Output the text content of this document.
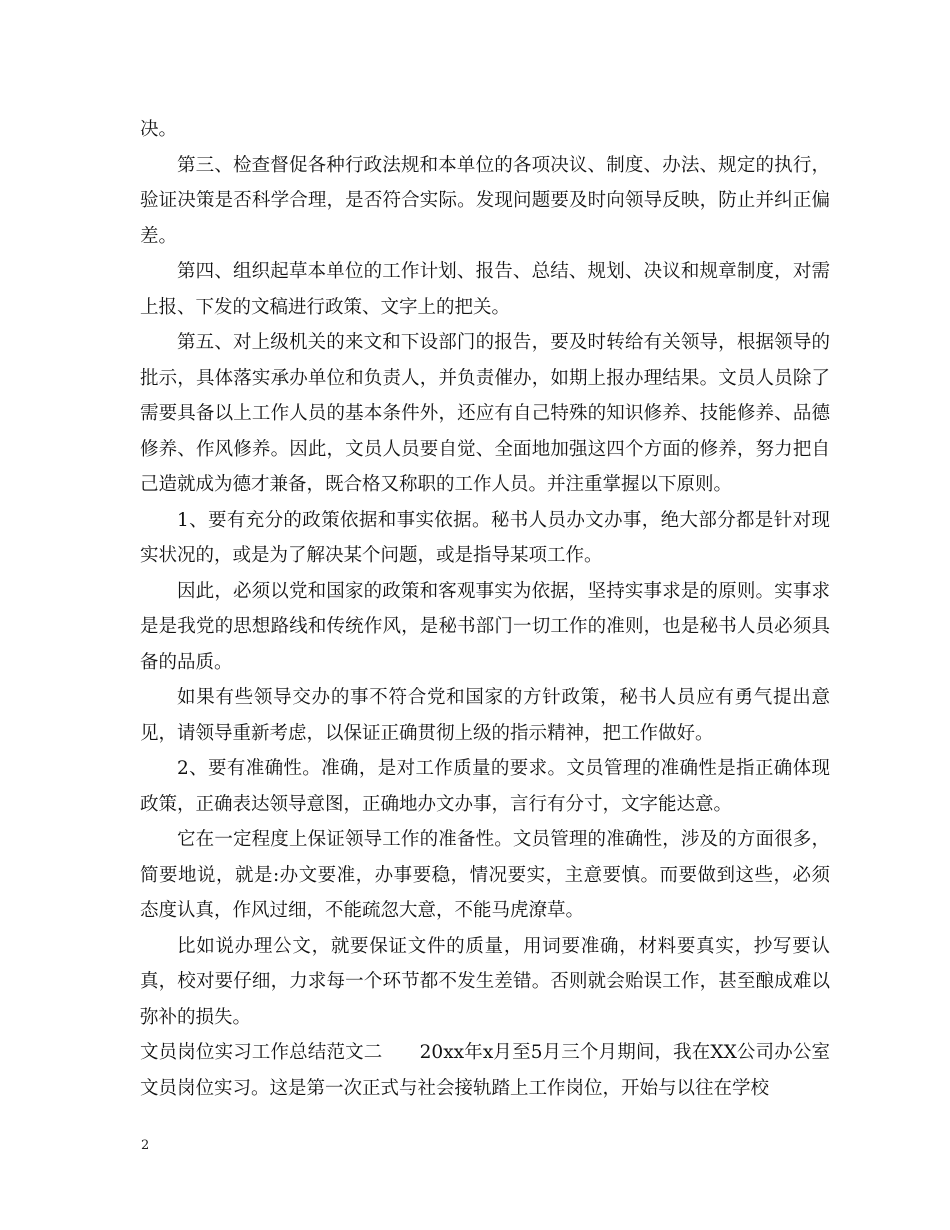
决。

第三、检查督促各种行政法规和本单位的各项决议、制度、办法、规定的执行，验证决策是否科学合理，是否符合实际。发现问题要及时向领导反映，防止并纠正偏差。

第四、组织起草本单位的工作计划、报告、总结、规划、决议和规章制度，对需上报、下发的文稿进行政策、文字上的把关。

第五、对上级机关的来文和下设部门的报告，要及时转给有关领导，根据领导的批示，具体落实承办单位和负责人，并负责催办，如期上报办理结果。文员人员除了需要具备以上工作人员的基本条件外，还应有自己特殊的知识修养、技能修养、品德修养、作风修养。因此，文员人员要自觉、全面地加强这四个方面的修养，努力把自己造就成为德才兼备，既合格又称职的工作人员。并注重掌握以下原则。

1、要有充分的政策依据和事实依据。秘书人员办文办事，绝大部分都是针对现实状况的，或是为了解决某个问题，或是指导某项工作。

因此，必须以党和国家的政策和客观事实为依据，坚持实事求是的原则。实事求是是我党的思想路线和传统作风，是秘书部门一切工作的准则，也是秘书人员必须具备的品质。

如果有些领导交办的事不符合党和国家的方针政策，秘书人员应有勇气提出意见，请领导重新考虑，以保证正确贯彻上级的指示精神，把工作做好。

2、要有准确性。准确，是对工作质量的要求。文员管理的准确性是指正确体现政策，正确表达领导意图，正确地办文办事，言行有分寸，文字能达意。

它在一定程度上保证领导工作的准备性。文员管理的准确性，涉及的方面很多，简要地说，就是:办文要准，办事要稳，情况要实，主意要慎。而要做到这些，必须态度认真，作风过细，不能疏忽大意，不能马虎潦草。

比如说办理公文，就要保证文件的质量，用词要准确，材料要真实，抄写要认真，校对要仔细，力求每一个环节都不发生差错。否则就会贻误工作，甚至酿成难以弥补的损失。

文员岗位实习工作总结范文二　　20xx年x月至5月三个月期间，我在XX公司办公室文员岗位实习。这是第一次正式与社会接轨踏上工作岗位，开始与以往在学校

2
